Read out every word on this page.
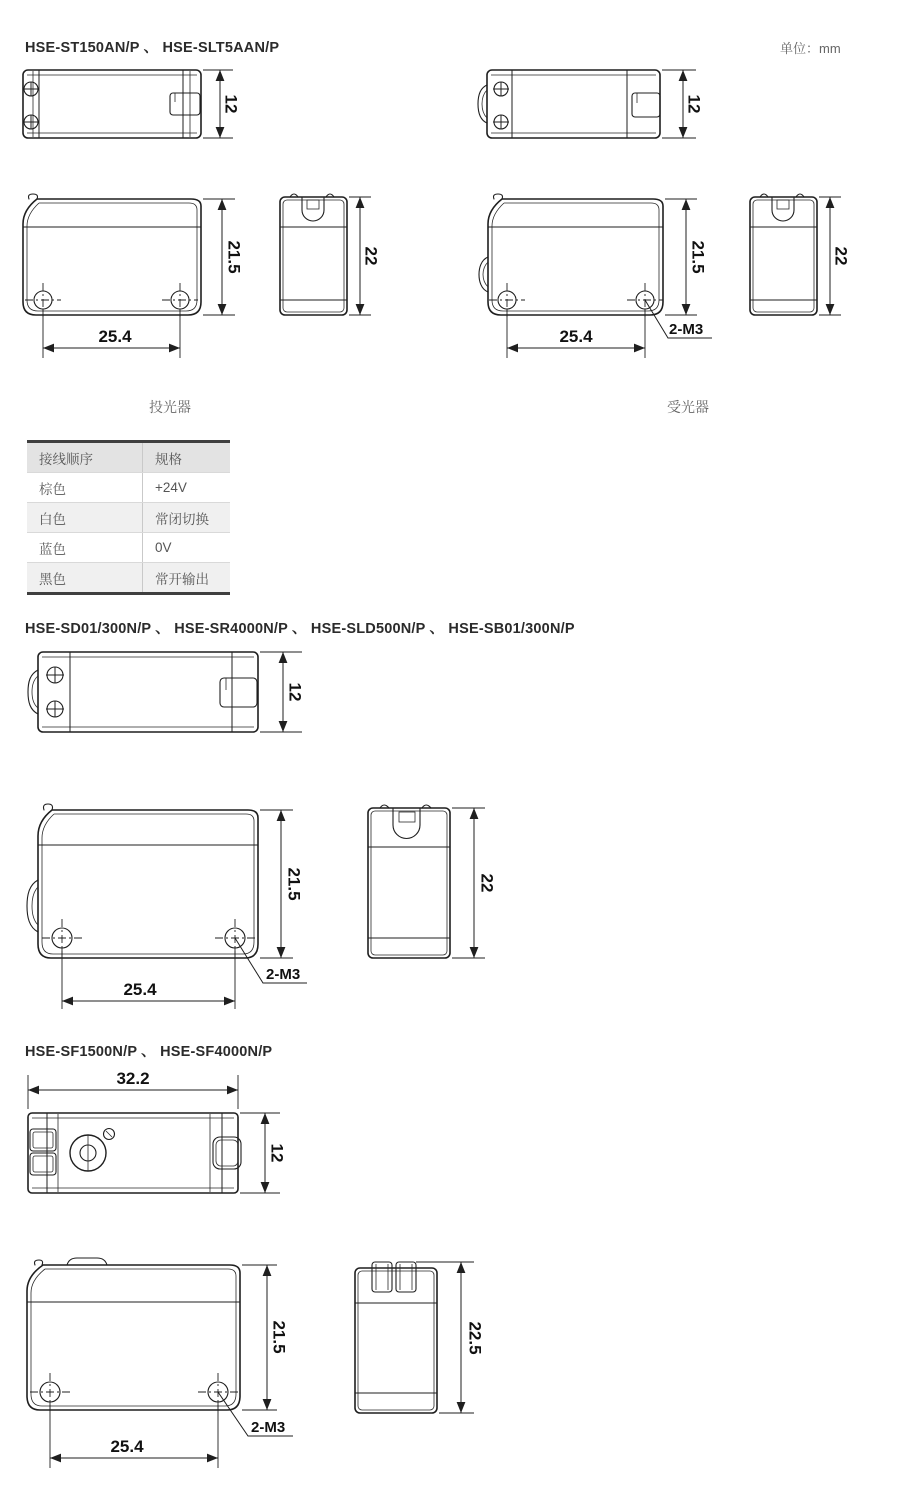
HSE-ST150AN/P 、 HSE-SLT5AAN/P	单位：mm
12	12
21.5
25.4
22	21.5
25.4	2-M3
22
投光器	受光器
接线顺序	规格
棕色	+24V
白色	常闭切换
蓝色	0V
黑色	常开输出
HSE-SD01/300N/P 、 HSE-SR4000N/P 、 HSE-SLD500N/P 、 HSE-SB01/300N/P
12
21.5
25.4
2-M3
22
HSE-SF1500N/P 、 HSE-SF4000N/P
32.2
12
21.5
25.4
2-M3
22.5
